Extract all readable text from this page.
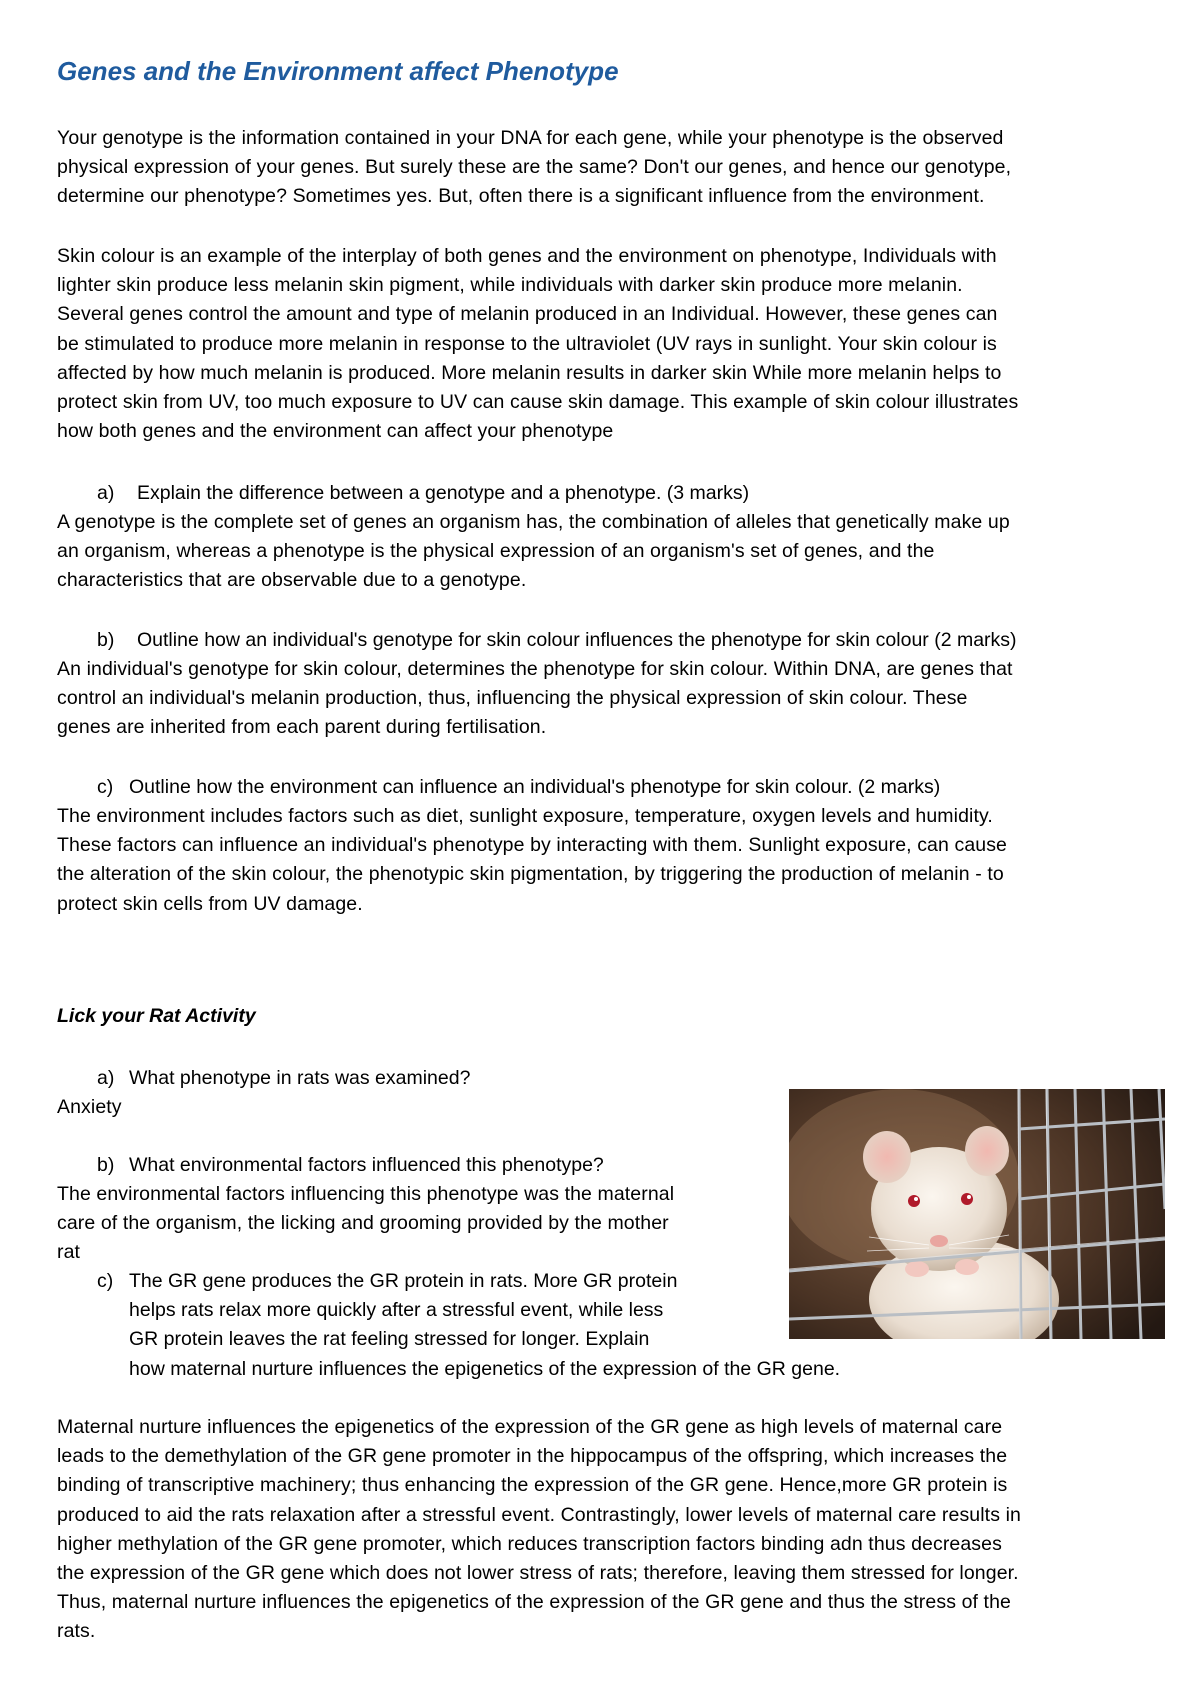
Genes and the Environment affect Phenotype
Your genotype is the information contained in your DNA for each gene, while your phenotype is the observed
physical expression of your genes. But surely these are the same? Don't our genes, and hence our genotype,
determine our phenotype? Sometimes yes. But, often there is a significant influence from the environment.
Skin colour is an example of the interplay of both genes and the environment on phenotype, Individuals with
lighter skin produce less melanin skin pigment, while individuals with darker skin produce more melanin.
Several genes control the amount and type of melanin produced in an Individual. However, these genes can
be stimulated to produce more melanin in response to the ultraviolet (UV rays in sunlight. Your skin colour is
affected by how much melanin is produced. More melanin results in darker skin While more melanin helps to
protect skin from UV, too much exposure to UV can cause skin damage. This example of skin colour illustrates
how both genes and the environment can affect your phenotype
a) Explain the difference between a genotype and a phenotype. (3 marks)
A genotype is the complete set of genes an organism has, the combination of alleles that genetically make up
an organism, whereas a phenotype is the physical expression of an organism's set of genes, and the
characteristics that are observable due to a genotype.
b) Outline how an individual's genotype for skin colour influences the phenotype for skin colour (2 marks)
An individual's genotype for skin colour, determines the phenotype for skin colour. Within DNA, are genes that
control an individual's melanin production, thus, influencing the physical expression of skin colour. These
genes are inherited from each parent during fertilisation.
c) Outline how the environment can influence an individual's phenotype for skin colour. (2 marks)
The environment includes factors such as diet, sunlight exposure, temperature, oxygen levels and humidity.
These factors can influence an individual's phenotype by interacting with them. Sunlight exposure, can cause
the alteration of the skin colour, the phenotypic skin pigmentation, by triggering the production of melanin - to
protect skin cells from UV damage.
Lick your Rat Activity
a) What phenotype in rats was examined?
Anxiety
b) What environmental factors influenced this phenotype?
The environmental factors influencing this phenotype was the maternal
care of the organism, the licking and grooming provided by the mother
rat
c) The GR gene produces the GR protein in rats. More GR protein
helps rats relax more quickly after a stressful event, while less
GR protein leaves the rat feeling stressed for longer. Explain
how maternal nurture influences the epigenetics of the expression of the GR gene.
Maternal nurture influences the epigenetics of the expression of the GR gene as high levels of maternal care
leads to the demethylation of the GR gene promoter in the hippocampus of the offspring, which increases the
binding of transcriptive machinery; thus enhancing the expression of the GR gene. Hence,more GR protein is
produced to aid the rats relaxation after a stressful event. Contrastingly, lower levels of maternal care results in
higher methylation of the GR gene promoter, which reduces transcription factors binding adn thus decreases
the expression of the GR gene which does not lower stress of rats; therefore, leaving them stressed for longer.
Thus, maternal nurture influences the epigenetics of the expression of the GR gene and thus the stress of the
rats.
